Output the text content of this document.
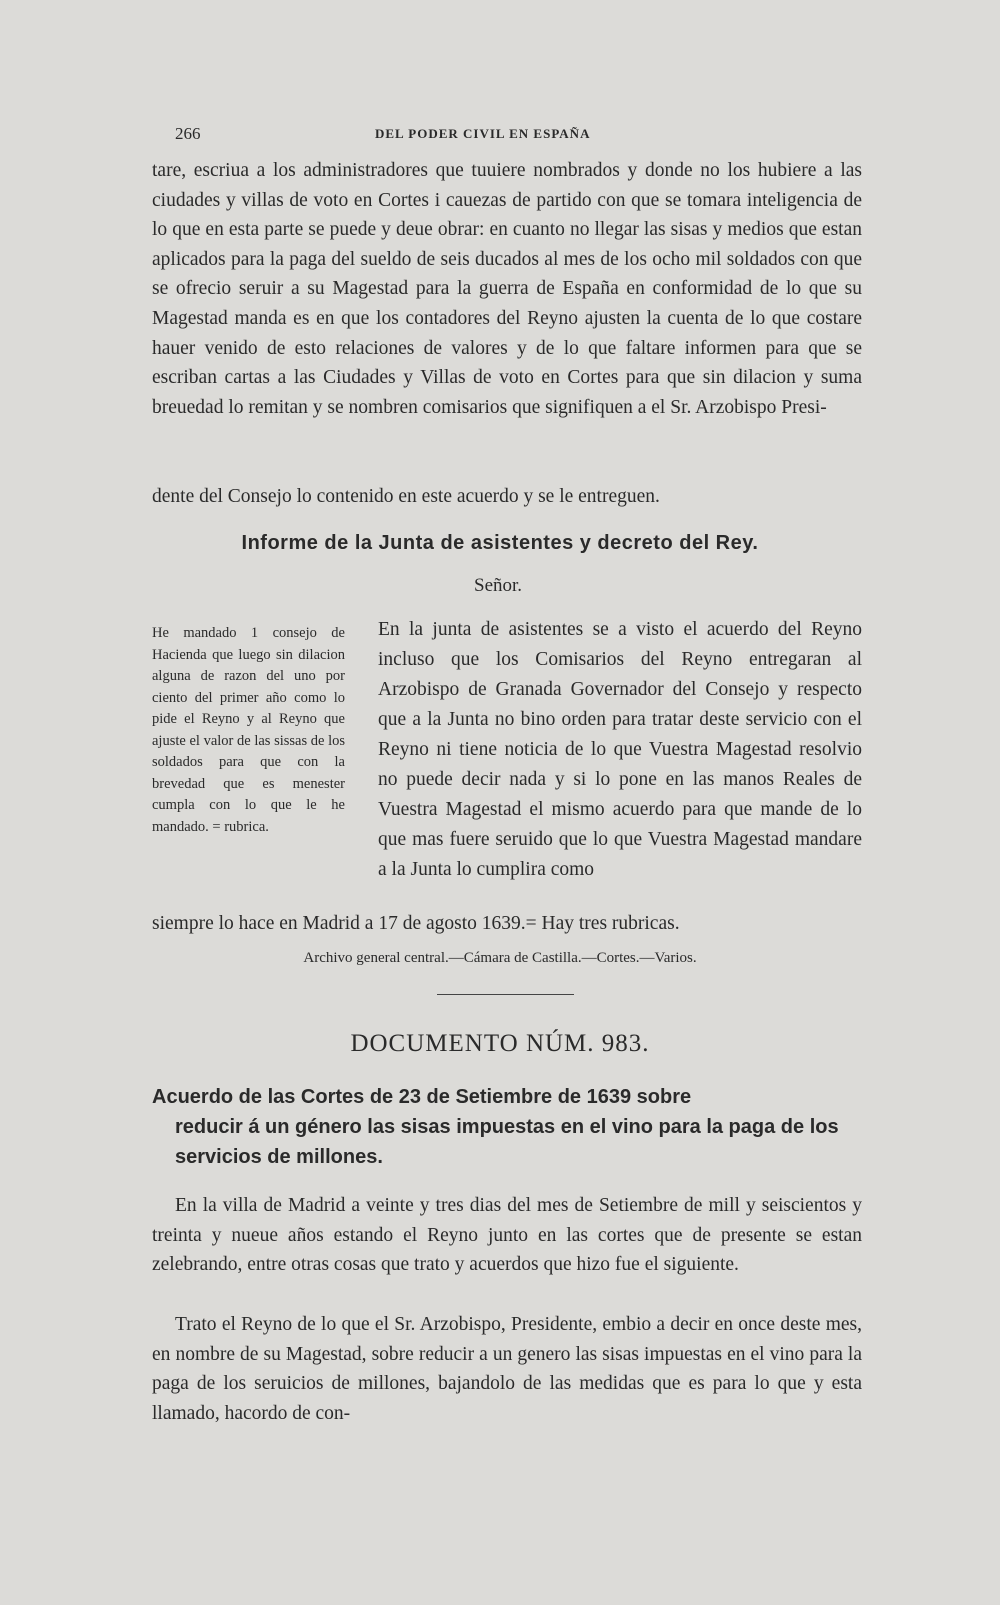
266	DEL PODER CIVIL EN ESPAÑA

tare, escriua a los administradores que tuuiere nombrados y donde no los hubiere a las ciudades y villas de voto en Cortes i cauezas de partido con que se tomara inteligencia de lo que en esta parte se puede y deue obrar: en cuanto no llegar las sisas y medios que estan aplicados para la paga del sueldo de seis ducados al mes de los ocho mil soldados con que se ofrecio seruir a su Magestad para la guerra de España en conformidad de lo que su Magestad manda es en que los contadores del Reyno ajusten la cuenta de lo que costare hauer venido de esto relaciones de valores y de lo que faltare informen para que se escriban cartas a las Ciudades y Villas de voto en Cortes para que sin dilacion y suma breuedad lo remitan y se nombren comisarios que signifiquen a el Sr. Arzobispo Presi-

dente del Consejo lo contenido en este acuerdo y se le entreguen.

Informe de la Junta de asistentes y decreto del Rey.
Señor.

He mandado 1 consejo de Hacienda que luego sin dilacion alguna de razon del uno por ciento del primer año como lo pide el Reyno y al Reyno que ajuste el valor de las sissas de los soldados para que con la brevedad que es menester cumpla con lo que le he mandado. = rubrica.

En la junta de asistentes se a visto el acuerdo del Reyno incluso que los Comisarios del Reyno entregaran al Arzobispo de Granada Governador del Consejo y respecto que a la Junta no bino orden para tratar deste servicio con el Reyno ni tiene noticia de lo que Vuestra Magestad resolvio no puede decir nada y si lo pone en las manos Reales de Vuestra Magestad el mismo acuerdo para que mande de lo que mas fuere seruido que lo que Vuestra Magestad mandare a la Junta lo cumplira como

siempre lo hace en Madrid a 17 de agosto 1639.= Hay tres rubricas.
Archivo general central.—Cámara de Castilla.—Cortes.—Varios.
DOCUMENTO NÚM. 983.

Acuerdo de las Cortes de 23 de Setiembre de 1639 sobre
reducir á un género las sisas impuestas en el vino para la paga de los servicios de millones.

En la villa de Madrid a veinte y tres dias del mes de Setiembre de mill y seiscientos y treinta y nueue años estando el Reyno junto en las cortes que de presente se estan zelebrando, entre otras cosas que trato y acuerdos que hizo fue el siguiente.

Trato el Reyno de lo que el Sr. Arzobispo, Presidente, embio a decir en once deste mes, en nombre de su Magestad, sobre reducir a un genero las sisas impuestas en el vino para la paga de los seruicios de millones, bajandolo de las medidas que es para lo que y esta llamado, hacordo de con-
